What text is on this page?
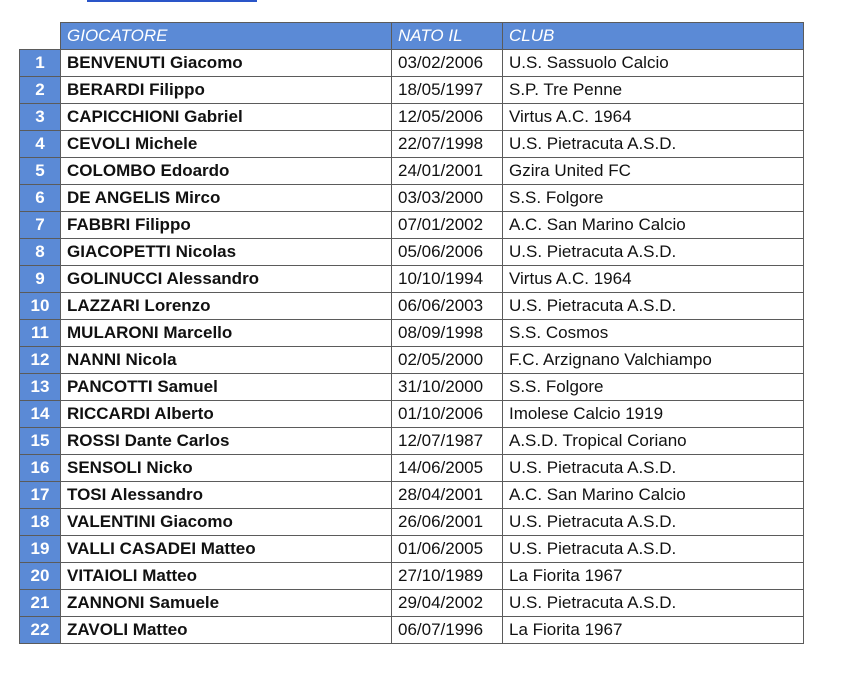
	GIOCATORE	NATO IL	CLUB
1	BENVENUTI Giacomo	03/02/2006	U.S. Sassuolo Calcio
2	BERARDI Filippo	18/05/1997	S.P. Tre Penne
3	CAPICCHIONI Gabriel	12/05/2006	Virtus A.C. 1964
4	CEVOLI Michele	22/07/1998	U.S. Pietracuta A.S.D.
5	COLOMBO Edoardo	24/01/2001	Gzira United FC
6	DE ANGELIS Mirco	03/03/2000	S.S. Folgore
7	FABBRI Filippo	07/01/2002	A.C. San Marino Calcio
8	GIACOPETTI Nicolas	05/06/2006	U.S. Pietracuta A.S.D.
9	GOLINUCCI Alessandro	10/10/1994	Virtus A.C. 1964
10	LAZZARI Lorenzo	06/06/2003	U.S. Pietracuta A.S.D.
11	MULARONI Marcello	08/09/1998	S.S. Cosmos
12	NANNI Nicola	02/05/2000	F.C. Arzignano Valchiampo
13	PANCOTTI Samuel	31/10/2000	S.S. Folgore
14	RICCARDI Alberto	01/10/2006	Imolese Calcio 1919
15	ROSSI Dante Carlos	12/07/1987	A.S.D. Tropical Coriano
16	SENSOLI Nicko	14/06/2005	U.S. Pietracuta A.S.D.
17	TOSI Alessandro	28/04/2001	A.C. San Marino Calcio
18	VALENTINI Giacomo	26/06/2001	U.S. Pietracuta A.S.D.
19	VALLI CASADEI Matteo	01/06/2005	U.S. Pietracuta A.S.D.
20	VITAIOLI Matteo	27/10/1989	La Fiorita 1967
21	ZANNONI Samuele	29/04/2002	U.S. Pietracuta A.S.D.
22	ZAVOLI Matteo	06/07/1996	La Fiorita 1967
